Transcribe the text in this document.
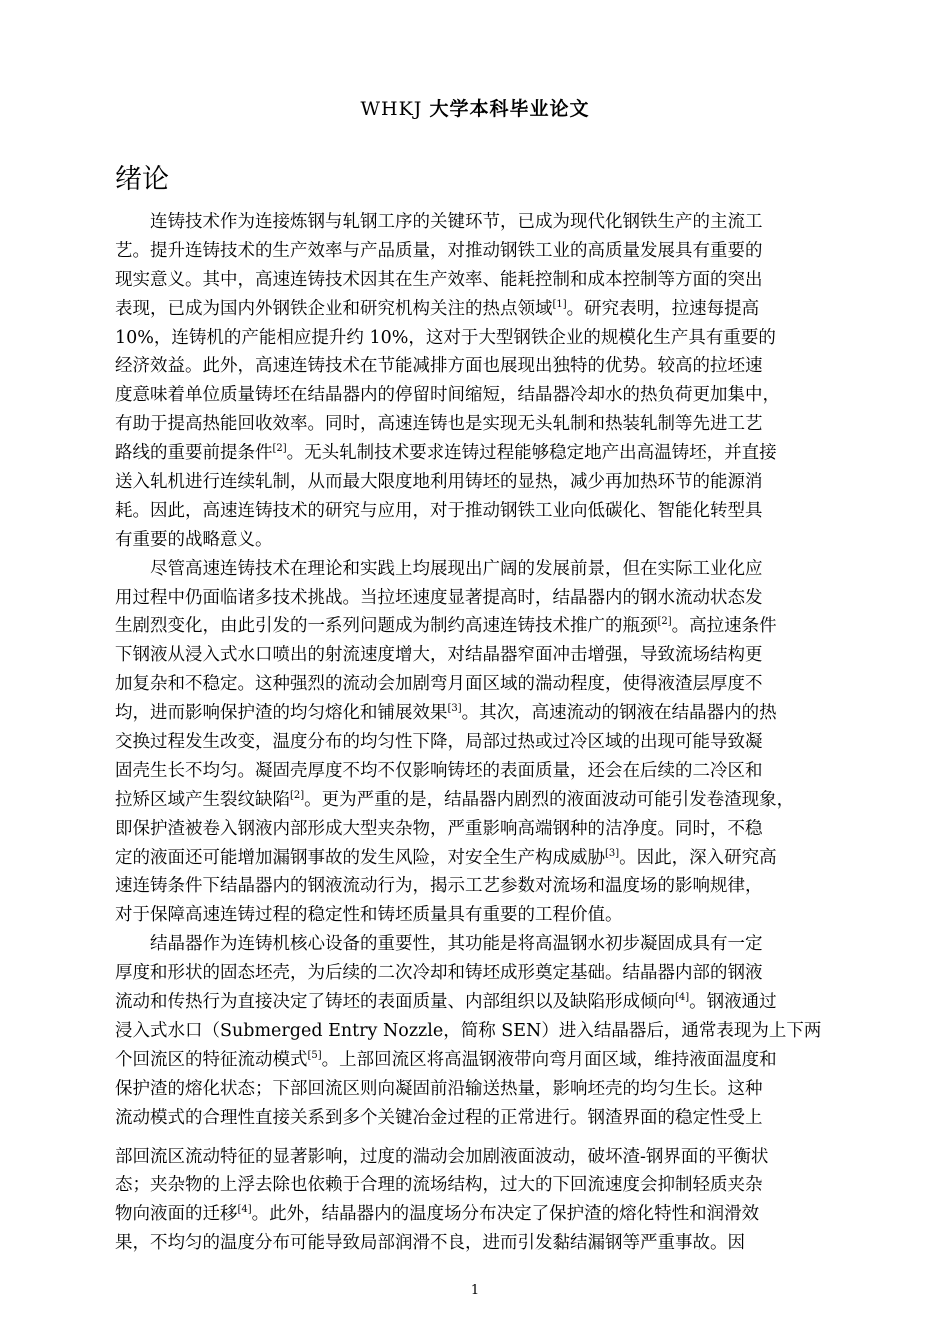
WHKJ 大学本科毕业论文
绪论
连铸技术作为连接炼钢与轧钢工序的关键环节，已成为现代化钢铁生产的主流工
艺。提升连铸技术的生产效率与产品质量，对推动钢铁工业的高质量发展具有重要的
现实意义。其中，高速连铸技术因其在生产效率、能耗控制和成本控制等方面的突出
表现，已成为国内外钢铁企业和研究机构关注的热点领域[1]。研究表明，拉速每提高
10%，连铸机的产能相应提升约 10%，这对于大型钢铁企业的规模化生产具有重要的
经济效益。此外，高速连铸技术在节能减排方面也展现出独特的优势。较高的拉坯速
度意味着单位质量铸坯在结晶器内的停留时间缩短，结晶器冷却水的热负荷更加集中，
有助于提高热能回收效率。同时，高速连铸也是实现无头轧制和热装轧制等先进工艺
路线的重要前提条件[2]。无头轧制技术要求连铸过程能够稳定地产出高温铸坯，并直接
送入轧机进行连续轧制，从而最大限度地利用铸坯的显热，减少再加热环节的能源消
耗。因此，高速连铸技术的研究与应用，对于推动钢铁工业向低碳化、智能化转型具
有重要的战略意义。
尽管高速连铸技术在理论和实践上均展现出广阔的发展前景，但在实际工业化应
用过程中仍面临诸多技术挑战。当拉坯速度显著提高时，结晶器内的钢水流动状态发
生剧烈变化，由此引发的一系列问题成为制约高速连铸技术推广的瓶颈[2]。高拉速条件
下钢液从浸入式水口喷出的射流速度增大，对结晶器窄面冲击增强，导致流场结构更
加复杂和不稳定。这种强烈的流动会加剧弯月面区域的湍动程度，使得液渣层厚度不
均，进而影响保护渣的均匀熔化和铺展效果[3]。其次，高速流动的钢液在结晶器内的热
交换过程发生改变，温度分布的均匀性下降，局部过热或过冷区域的出现可能导致凝
固壳生长不均匀。凝固壳厚度不均不仅影响铸坯的表面质量，还会在后续的二冷区和
拉矫区域产生裂纹缺陷[2]。更为严重的是，结晶器内剧烈的液面波动可能引发卷渣现象，
即保护渣被卷入钢液内部形成大型夹杂物，严重影响高端钢种的洁净度。同时，不稳
定的液面还可能增加漏钢事故的发生风险，对安全生产构成威胁[3]。因此，深入研究高
速连铸条件下结晶器内的钢液流动行为，揭示工艺参数对流场和温度场的影响规律，
对于保障高速连铸过程的稳定性和铸坯质量具有重要的工程价值。
结晶器作为连铸机核心设备的重要性，其功能是将高温钢水初步凝固成具有一定
厚度和形状的固态坯壳，为后续的二次冷却和铸坯成形奠定基础。结晶器内部的钢液
流动和传热行为直接决定了铸坯的表面质量、内部组织以及缺陷形成倾向[4]。钢液通过
浸入式水口（Submerged Entry Nozzle，简称 SEN）进入结晶器后，通常表现为上下两
个回流区的特征流动模式[5]。上部回流区将高温钢液带向弯月面区域，维持液面温度和
保护渣的熔化状态；下部回流区则向凝固前沿输送热量，影响坯壳的均匀生长。这种
流动模式的合理性直接关系到多个关键冶金过程的正常进行。钢渣界面的稳定性受上
部回流区流动特征的显著影响，过度的湍动会加剧液面波动，破坏渣-钢界面的平衡状
态；夹杂物的上浮去除也依赖于合理的流场结构，过大的下回流速度会抑制轻质夹杂
物向液面的迁移[4]。此外，结晶器内的温度场分布决定了保护渣的熔化特性和润滑效
果，不均匀的温度分布可能导致局部润滑不良，进而引发黏结漏钢等严重事故。因
1
